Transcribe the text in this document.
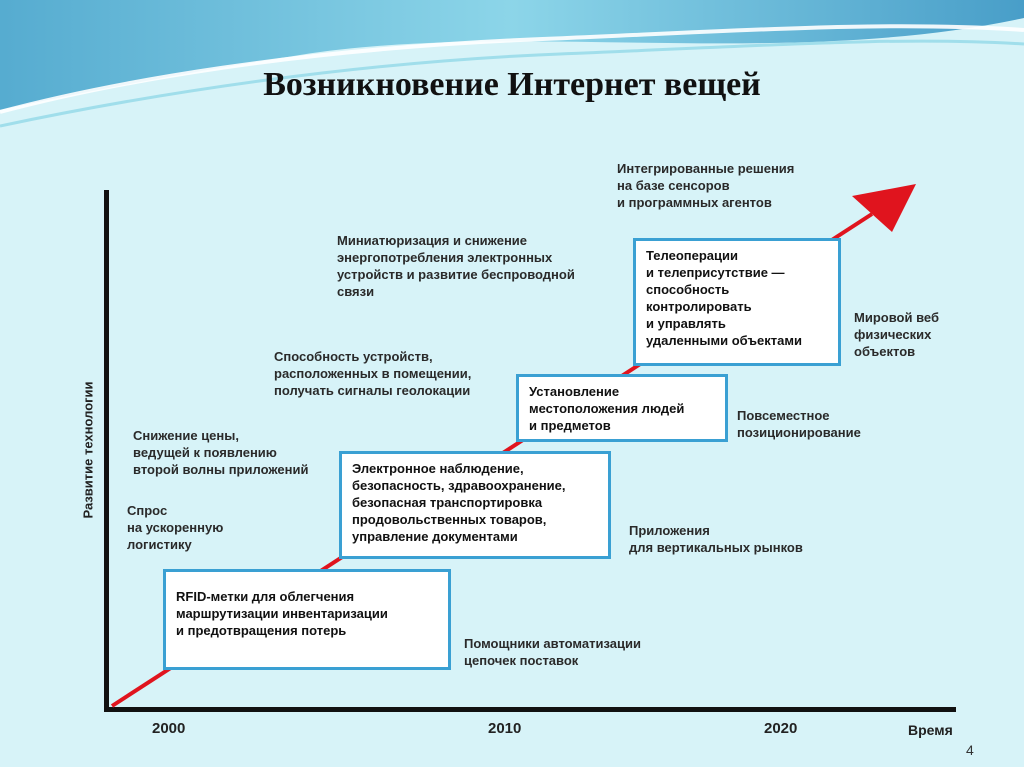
Возникновение Интернет вещей
Развитие технологии
2000	2010	2020	Время
RFID-метки для облегчения
маршрутизации инвентаризации
и предотвращения потерь
Электронное наблюдение,
безопасность, здравоохранение,
безопасная транспортировка
продовольственных товаров,
управление документами
Установление
местоположения людей
и предметов
Телеоперации
и телеприсутствие —
способность
контролировать
и управлять
удаленными объектами
Спрос
на ускоренную
логистику
Снижение цены,
ведущей к появлению
второй волны приложений
Способность устройств,
расположенных в помещении,
получать сигналы геолокации
Миниатюризация и снижение
энергопотребления электронных
устройств и развитие беспроводной
связи
Интегрированные решения
на базе сенсоров
и программных агентов
Помощники автоматизации
цепочек поставок
Приложения
для вертикальных рынков
Повсеместное
позиционирование
Мировой веб
физических
объектов
4
